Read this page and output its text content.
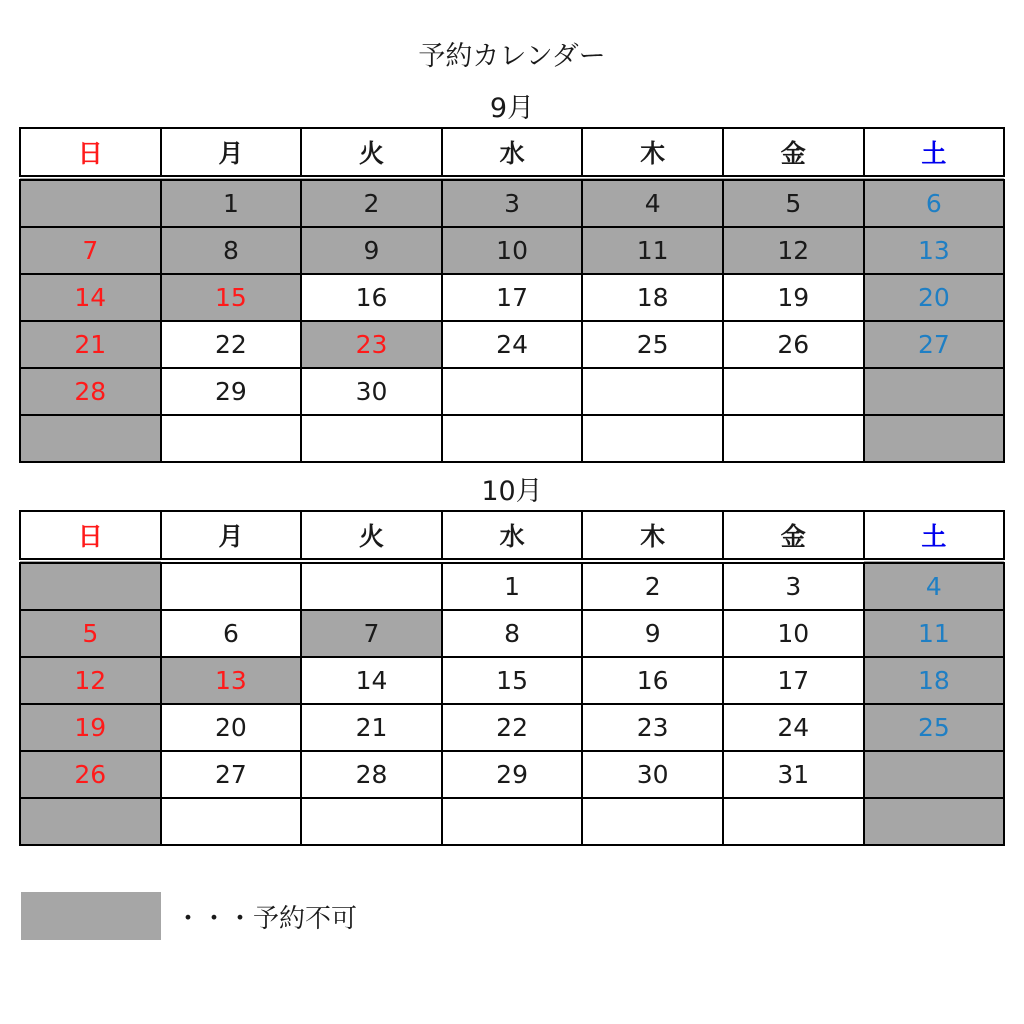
予約カレンダー
9月
日	月	火	水	木	金	土
	1	2	3	4	5	6
7	8	9	10	11	12	13
14	15	16	17	18	19	20
21	22	23	24	25	26	27
28	29	30				

10月
日	月	火	水	木	金	土
			1	2	3	4
5	6	7	8	9	10	11
12	13	14	15	16	17	18
19	20	21	22	23	24	25
26	27	28	29	30	31	

・・・予約不可
